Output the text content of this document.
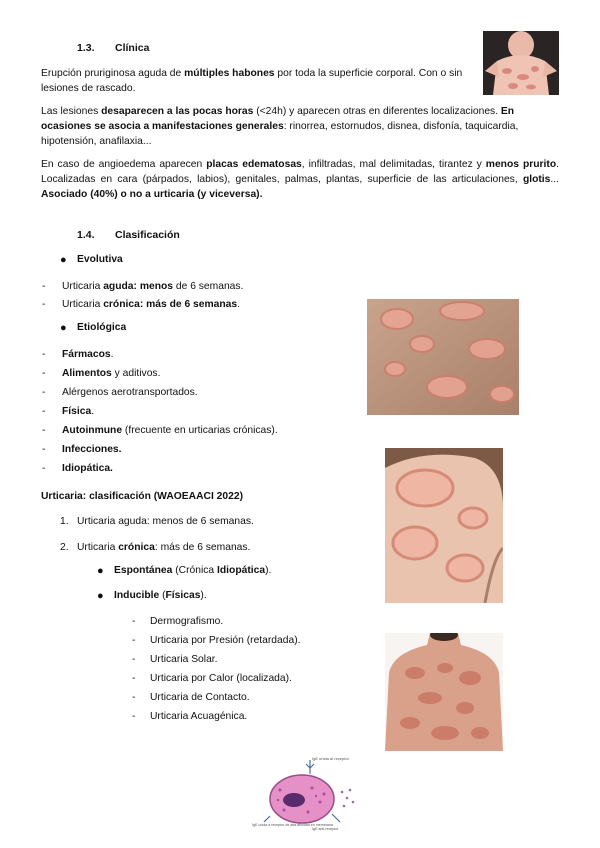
1.3. Clínica

Erupción pruriginosa aguda de múltiples habones por toda la superficie corporal. Con o sin lesiones de rascado.

Las lesiones desaparecen a las pocas horas (<24h) y aparecen otras en diferentes localizaciones. En ocasiones se asocia a manifestaciones generales: rinorrea, estornudos, disnea, disfonía, taquicardia, hipotensión, anafilaxia...

En caso de angioedema aparecen placas edematosas, infiltradas, mal delimitadas, tirantez y menos prurito. Localizadas en cara (párpados, labios), genitales, palmas, plantas, superficie de las articulaciones, glotis... Asociado (40%) o no a urticaria (y viceversa).

1.4. Clasificación
● Evolutiva
- Urticaria aguda: menos de 6 semanas.
- Urticaria crónica: más de 6 semanas.
● Etiológica
- Fármacos.
- Alimentos y aditivos.
- Alérgenos aerotransportados.
- Física.
- Autoinmune (frecuente en urticarias crónicas).
- Infecciones.
- Idiopática.
Urticaria: clasificación (WAOEAACI 2022)
1. Urticaria aguda: menos de 6 semanas.
2. Urticaria crónica: más de 6 semanas.
● Espontánea (Crónica Idiopática).
● Inducible (Físicas).
- Dermografismo.
- Urticaria por Presión (retardada).
- Urticaria Solar.
- Urticaria por Calor (localizada).
- Urticaria de Contacto.
- Urticaria Acuagénica.
IgE unida al receptor
IgE unida a receptor de alta afinidad en membrana
IgE anti-receptor
